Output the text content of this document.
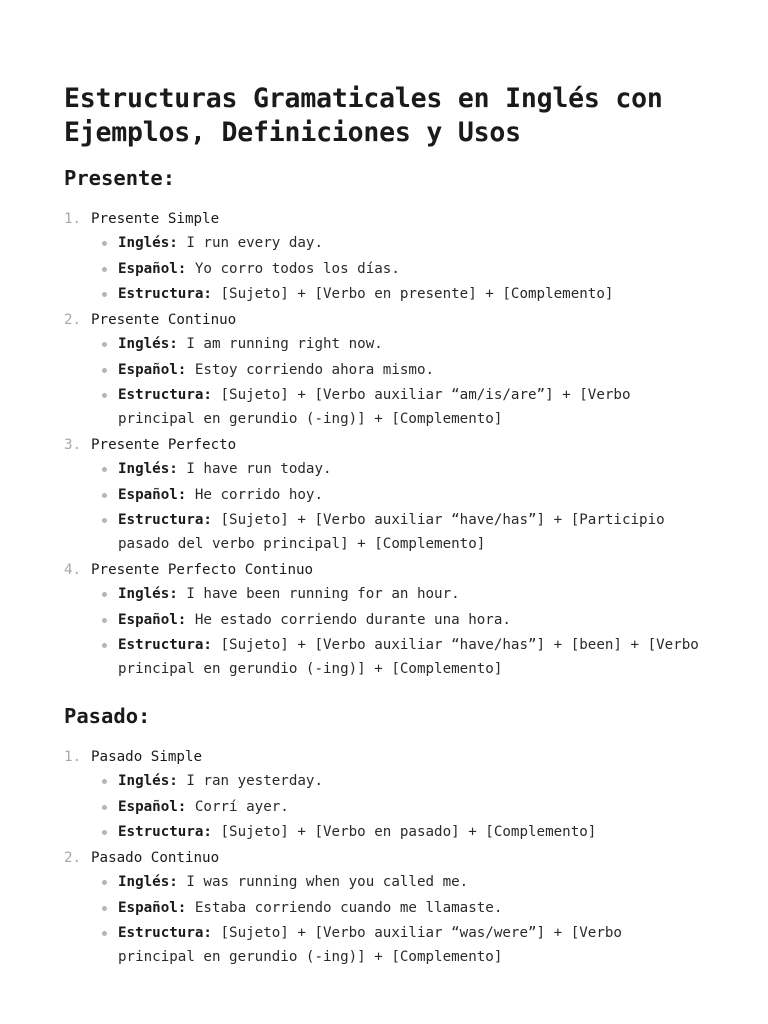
Estructuras Gramaticales en Inglés con Ejemplos, Definiciones y Usos
Presente:
1. Presente Simple
Inglés: I run every day.
Español: Yo corro todos los días.
Estructura: [Sujeto] + [Verbo en presente] + [Complemento]
2. Presente Continuo
Inglés: I am running right now.
Español: Estoy corriendo ahora mismo.
Estructura: [Sujeto] + [Verbo auxiliar “am/is/are”] + [Verbo principal en gerundio (-ing)] + [Complemento]
3. Presente Perfecto
Inglés: I have run today.
Español: He corrido hoy.
Estructura: [Sujeto] + [Verbo auxiliar “have/has”] + [Participio pasado del verbo principal] + [Complemento]
4. Presente Perfecto Continuo
Inglés: I have been running for an hour.
Español: He estado corriendo durante una hora.
Estructura: [Sujeto] + [Verbo auxiliar “have/has”] + [been] + [Verbo principal en gerundio (-ing)] + [Complemento]
Pasado:
1. Pasado Simple
Inglés: I ran yesterday.
Español: Corrí ayer.
Estructura: [Sujeto] + [Verbo en pasado] + [Complemento]
2. Pasado Continuo
Inglés: I was running when you called me.
Español: Estaba corriendo cuando me llamaste.
Estructura: [Sujeto] + [Verbo auxiliar “was/were”] + [Verbo principal en gerundio (-ing)] + [Complemento]
